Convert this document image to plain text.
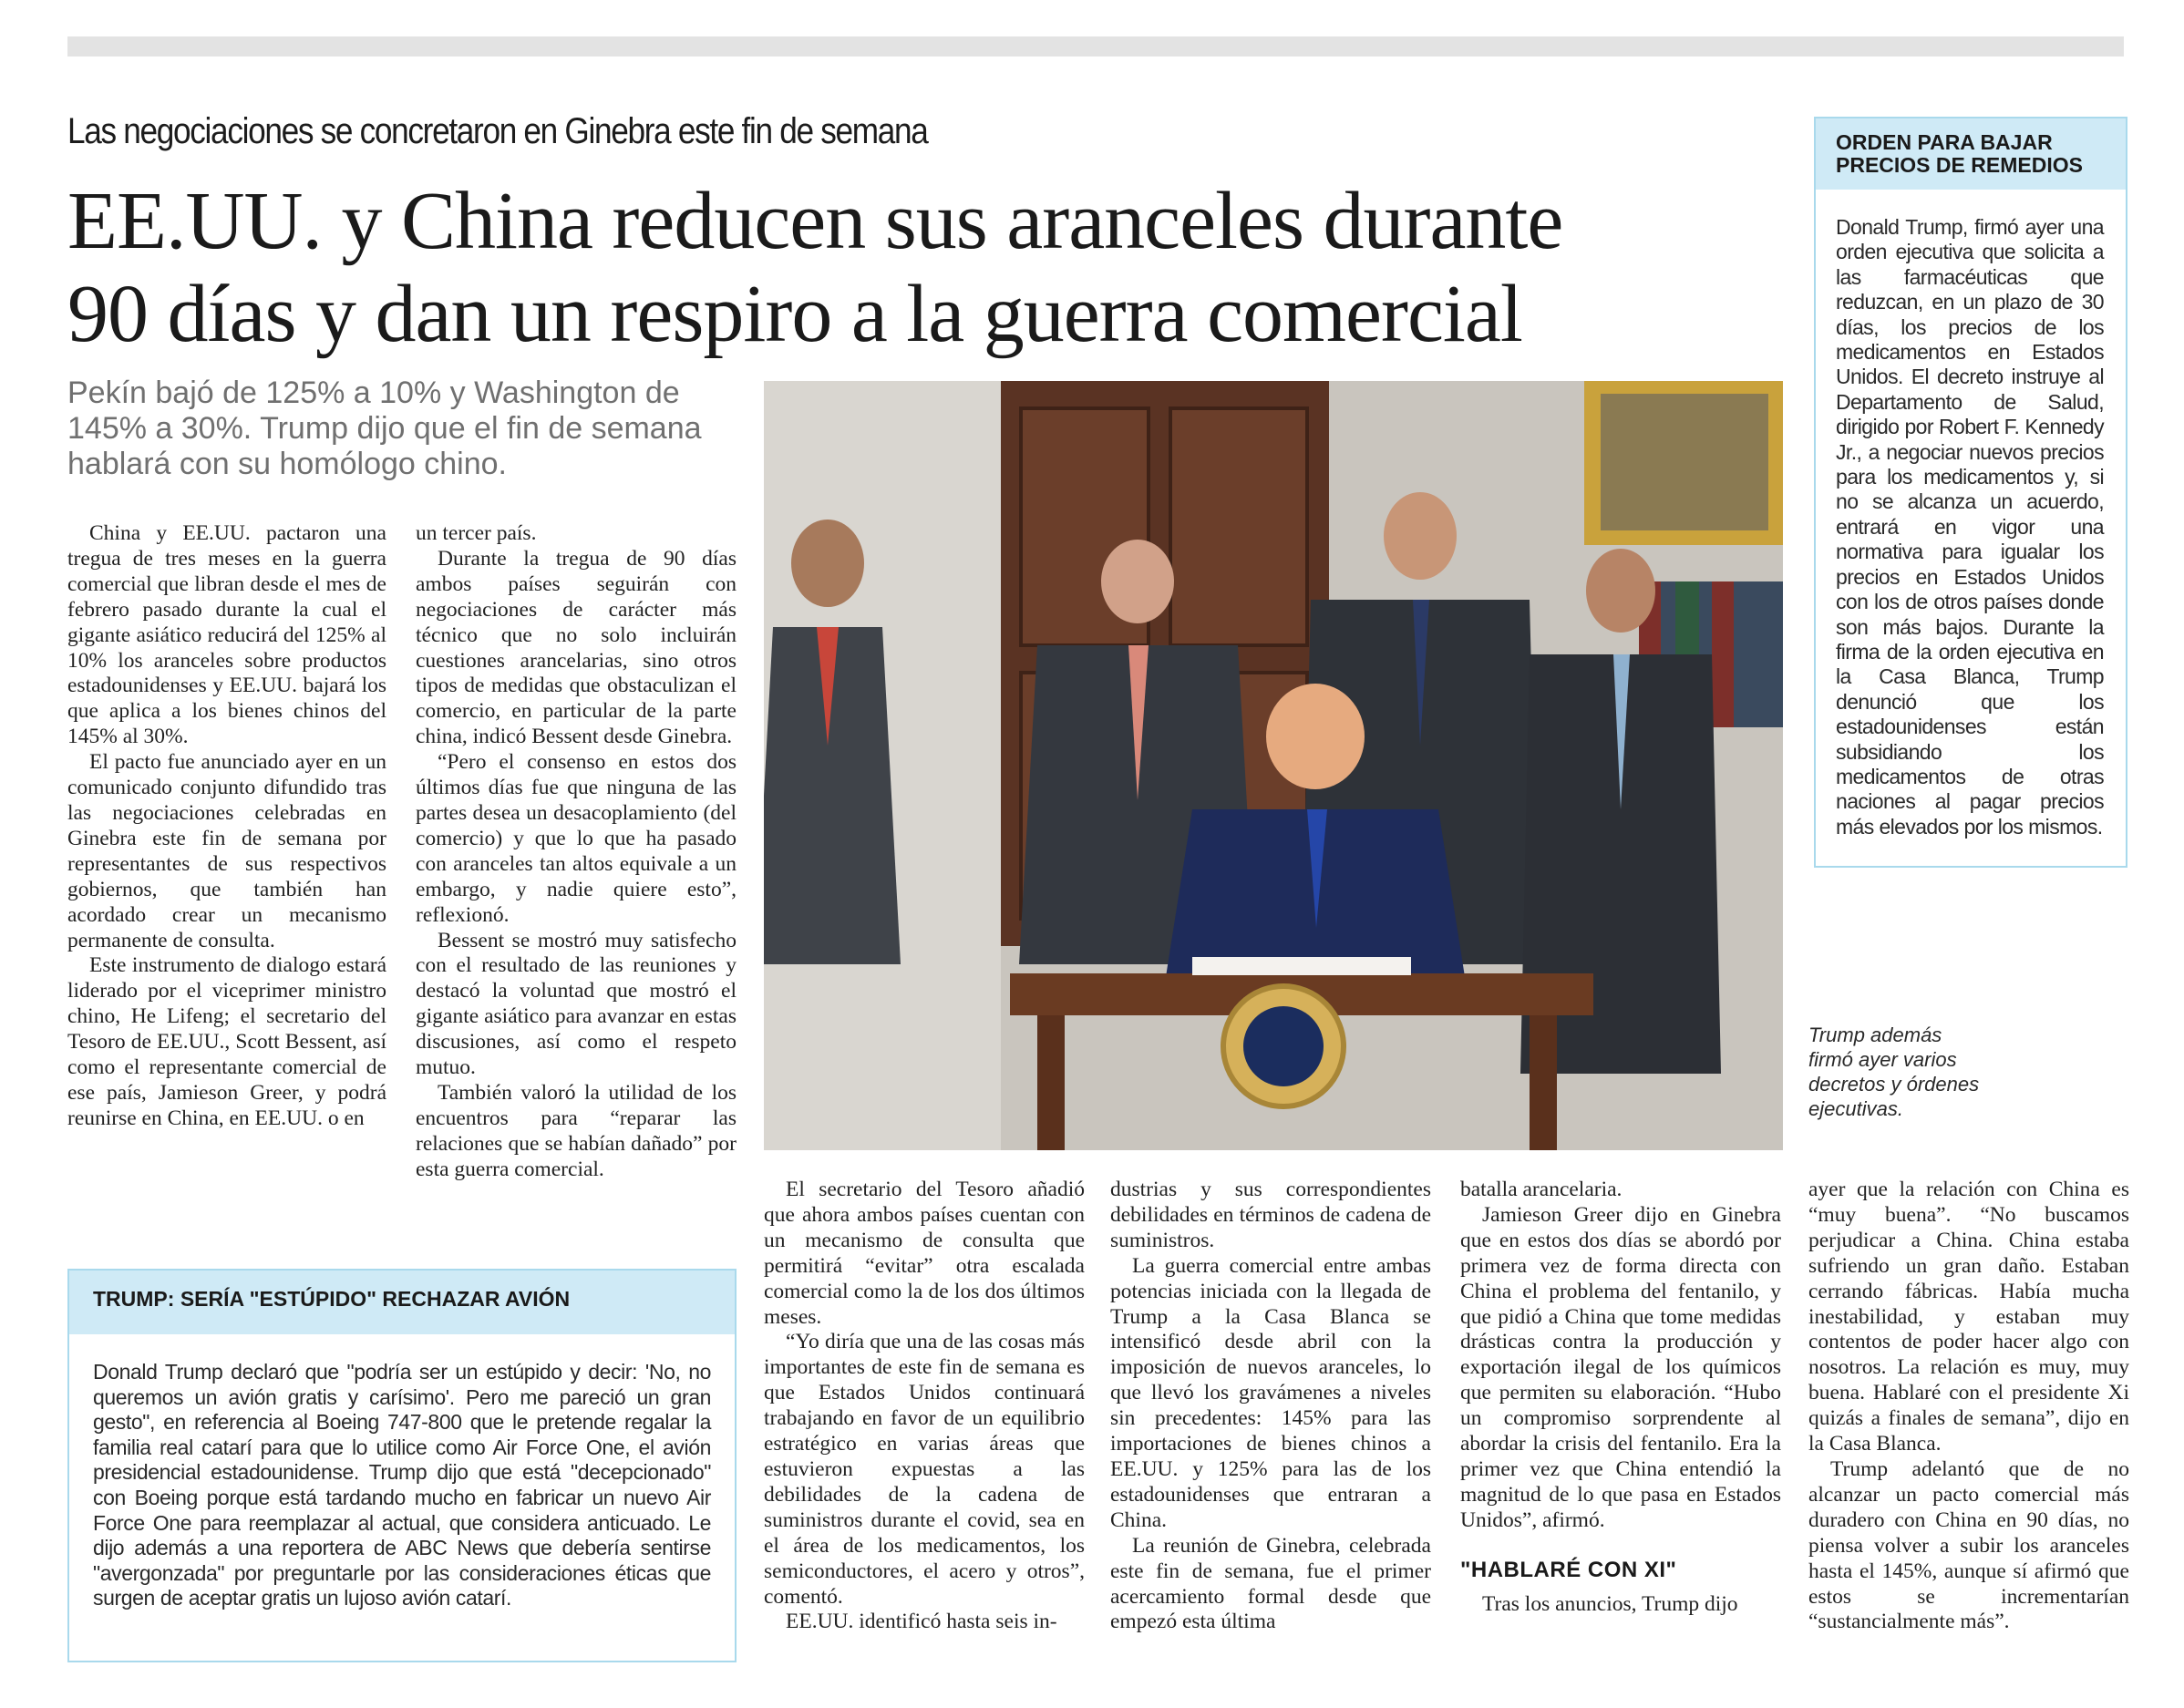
Las negociaciones se concretaron en Ginebra este fin de semana
EE.UU. y China reducen sus aranceles durante
90 días y dan un respiro a la guerra comercial
Pekín bajó de 125% a 10% y Washington de 145% a 30%. Trump dijo que el fin de semana hablará con su homólogo chino.

China y EE.UU. pactaron una tregua de tres meses en la guerra comercial que libran desde el mes de febrero pasado durante la cual el gigante asiático reducirá del 125% al 10% los aranceles sobre productos estadounidenses y EE.UU. bajará los que aplica a los bienes chinos del 145% al 30%.

El pacto fue anunciado ayer en un comunicado conjunto difundido tras las negociaciones celebradas en Ginebra este fin de semana por representantes de sus respectivos gobiernos, que también han acordado crear un mecanismo permanente de consulta.

Este instrumento de dialogo estará liderado por el viceprimer ministro chino, He Lifeng; el secretario del Tesoro de EE.UU., Scott Bessent, así como el representante comercial de ese país, Jamieson Greer, y podrá reunirse en China, en EE.UU. o en

un tercer país.

Durante la tregua de 90 días ambos países seguirán con negociaciones de carácter más técnico que no solo incluirán cuestiones arancelarias, sino otros tipos de medidas que obstaculizan el comercio, en particular de la parte china, indicó Bessent desde Ginebra.

“Pero el consenso en estos dos últimos días fue que ninguna de las partes desea un desacoplamiento (del comercio) y que lo que ha pasado con aranceles tan altos equivale a un embargo, y nadie quiere esto”, reflexionó.

Bessent se mostró muy satisfecho con el resultado de las reuniones y destacó la voluntad que mostró el gigante asiático para avanzar en estas discusiones, así como el respeto mutuo.

También valoró la utilidad de los encuentros para “reparar las relaciones que se habían dañado” por esta guerra comercial.

Trump además firmó ayer varios decretos y órdenes ejecutivas.
ORDEN PARA BAJAR PRECIOS DE REMEDIOS
Donald Trump, firmó ayer una orden ejecutiva que solicita a las farmacéuticas que reduzcan, en un plazo de 30 días, los precios de los medicamentos en Estados Unidos. El decreto instruye al Departamento de Salud, dirigido por Robert F. Kennedy Jr., a negociar nuevos precios para los medicamentos y, si no se alcanza un acuerdo, entrará en vigor una normativa para igualar los precios en Estados Unidos con los de otros países donde son más bajos. Durante la firma de la orden ejecutiva en la Casa Blanca, Trump denunció que los estadounidenses están subsidiando los medicamentos de otras naciones al pagar precios más elevados por los mismos.

El secretario del Tesoro añadió que ahora ambos países cuentan con un mecanismo de consulta que permitirá “evitar” otra escalada comercial como la de los dos últimos meses.

“Yo diría que una de las cosas más importantes de este fin de semana es que Estados Unidos continuará trabajando en favor de un equilibrio estratégico en varias áreas que estuvieron expuestas a las debilidades de la cadena de suministros durante el covid, sea en el área de los medicamentos, los semiconductores, el acero y otros”, comentó.

EE.UU. identificó hasta seis in-

dustrias y sus correspondientes debilidades en términos de cadena de suministros.

La guerra comercial entre ambas potencias iniciada con la llegada de Trump a la Casa Blanca se intensificó desde abril con la imposición de nuevos aranceles, lo que llevó los gravámenes a niveles sin precedentes: 145% para las importaciones de bienes chinos a EE.UU. y 125% para las de los estadounidenses que entraran a China.

La reunión de Ginebra, celebrada este fin de semana, fue el primer acercamiento formal desde que empezó esta última

batalla arancelaria.

Jamieson Greer dijo en Ginebra que en estos dos días se abordó por primera vez de forma directa con China el problema del fentanilo, y que pidió a China que tome medidas drásticas contra la producción y exportación ilegal de los químicos que permiten su elaboración. “Hubo un compromiso sorprendente al abordar la crisis del fentanilo. Era la primer vez que China entendió la magnitud de lo que pasa en Estados Unidos”, afirmó.

"HABLARÉ CON XI"

Tras los anuncios, Trump dijo

ayer que la relación con China es “muy buena”. “No buscamos perjudicar a China. China estaba sufriendo un gran daño. Estaban cerrando fábricas. Había mucha inestabilidad, y estaban muy contentos de poder hacer algo con nosotros. La relación es muy, muy buena. Hablaré con el presidente Xi quizás a finales de semana”, dijo en la Casa Blanca.

Trump adelantó que de no alcanzar un pacto comercial más duradero con China en 90 días, no piensa volver a subir los aranceles hasta el 145%, aunque sí afirmó que estos se incrementarían “sustancialmente más”.

TRUMP: SERÍA "ESTÚPIDO" RECHAZAR AVIÓN
Donald Trump declaró que "podría ser un estúpido y decir: 'No, no queremos un avión gratis y carísimo'. Pero me pareció un gran gesto", en referencia al Boeing 747-800 que le pretende regalar la familia real catarí para que lo utilice como Air Force One, el avión presidencial estadounidense. Trump dijo que está "decepcionado" con Boeing porque está tardando mucho en fabricar un nuevo Air Force One para reemplazar al actual, que considera anticuado. Le dijo además a una reportera de ABC News que debería sentirse "avergonzada" por preguntarle por las consideraciones éticas que surgen de aceptar gratis un lujoso avión catarí.
